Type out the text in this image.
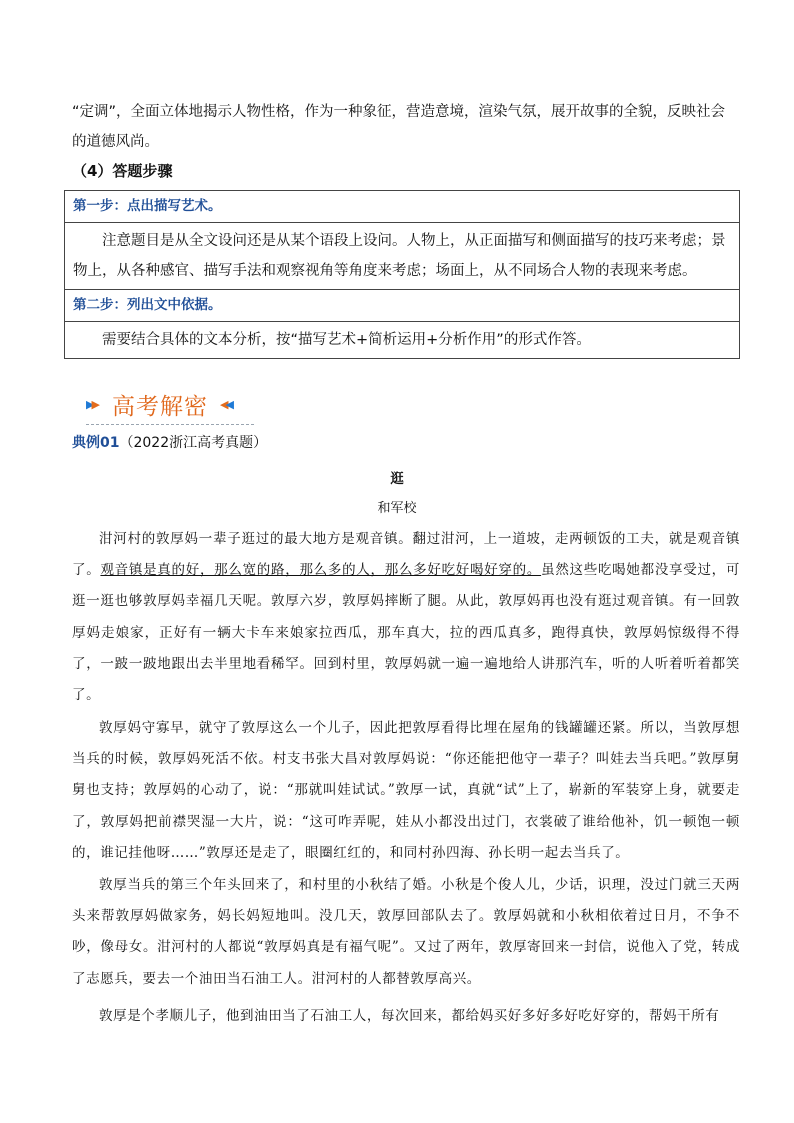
“定调”，全面立体地揭示人物性格，作为一种象征，营造意境，渲染气氛，展开故事的全貌，反映社会

的道德风尚。

（4）答题步骤
第一步：点出描写艺术。
注意题目是从全文设问还是从某个语段上设问。人物上，从正面描写和侧面描写的技巧来考虑；景物上，从各种感官、描写手法和观察视角等角度来考虑；场面上，从不同场合人物的表现来考虑。
第二步：列出文中依据。
需要结合具体的文本分析，按“描写艺术+简析运用+分析作用”的形式作答。
▶▶ 高考解密 ◀◀
典例01（2022浙江高考真题）
逛
和军校

泔河村的敦厚妈一辈子逛过的最大地方是观音镇。翻过泔河，上一道坡，走两顿饭的工夫，就是观音镇了。观音镇是真的好，那么宽的路，那么多的人，那么多好吃好喝好穿的。虽然这些吃喝她都没享受过，可逛一逛也够敦厚妈幸福几天呢。敦厚六岁，敦厚妈摔断了腿。从此，敦厚妈再也没有逛过观音镇。有一回敦厚妈走娘家，正好有一辆大卡车来娘家拉西瓜，那车真大，拉的西瓜真多，跑得真快，敦厚妈惊级得不得了，一跛一跛地跟出去半里地看稀罕。回到村里，敦厚妈就一遍一遍地给人讲那汽车，听的人听着听着都笑了。

敦厚妈守寡早，就守了敦厚这么一个儿子，因此把敦厚看得比埋在屋角的钱罐罐还紧。所以，当敦厚想当兵的时候，敦厚妈死活不依。村支书张大昌对敦厚妈说：“你还能把他守一辈子？叫娃去当兵吧。”敦厚舅舅也支持；敦厚妈的心动了，说：“那就叫娃试试。”敦厚一试，真就“试”上了，崭新的军装穿上身，就要走了，敦厚妈把前襟哭湿一大片，说：“这可咋弄呢，娃从小都没出过门，衣裳破了谁给他补，饥一顿饱一顿的，谁记挂他呀……”敦厚还是走了，眼圈红红的，和同村孙四海、孙长明一起去当兵了。

敦厚当兵的第三个年头回来了，和村里的小秋结了婚。小秋是个俊人儿，少话，识理，没过门就三天两头来帮敦厚妈做家务，妈长妈短地叫。没几天，敦厚回部队去了。敦厚妈就和小秋相依着过日月，不争不吵，像母女。泔河村的人都说“敦厚妈真是有福气呢”。又过了两年，敦厚寄回来一封信，说他入了党，转成了志愿兵，要去一个油田当石油工人。泔河村的人都替敦厚高兴。

敦厚是个孝顺儿子，他到油田当了石油工人，每次回来，都给妈买好多好多好吃好穿的，帮妈干所有
